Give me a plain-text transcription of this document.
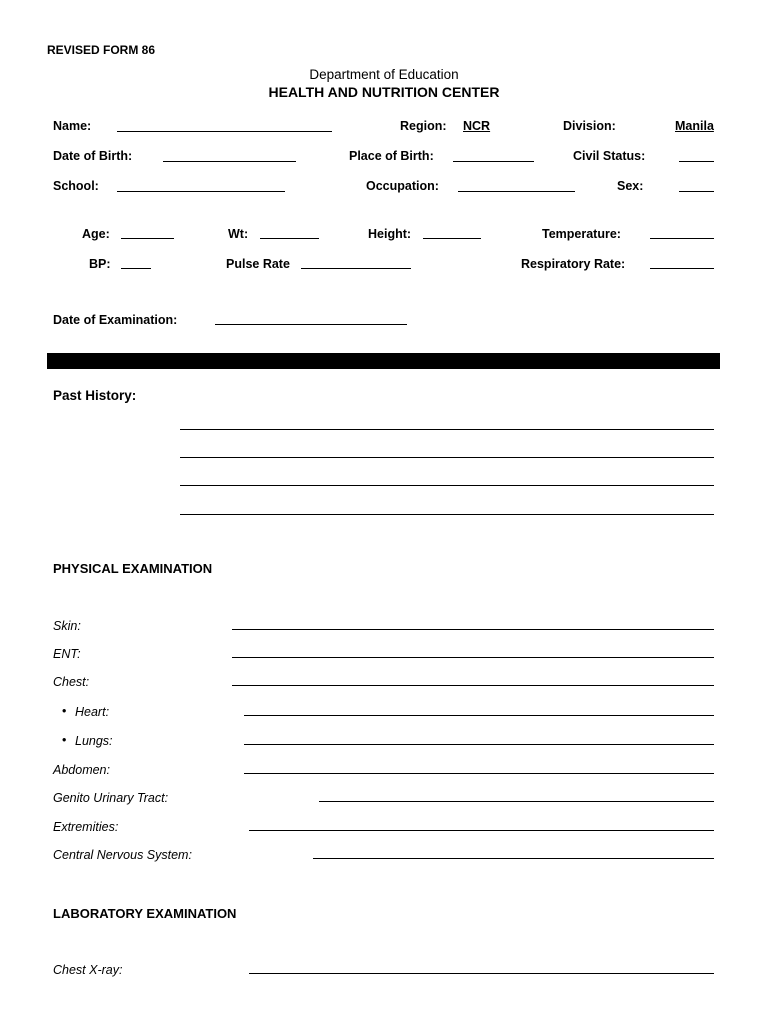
REVISED FORM 86
Department of Education
HEALTH AND NUTRITION CENTER
Name:	Region: NCR	Division:	Manila
Date of Birth:	Place of Birth:	Civil Status:
School:	Occupation:	Sex:
Age:	Wt:	Height:	Temperature:
BP:	Pulse Rate	Respiratory Rate:
Date of Examination:
Past History:
PHYSICAL EXAMINATION
Skin:
ENT:
Chest:
• Heart:
• Lungs:
Abdomen:
Genito Urinary Tract:
Extremities:
Central Nervous System:
LABORATORY EXAMINATION
Chest X-ray:
